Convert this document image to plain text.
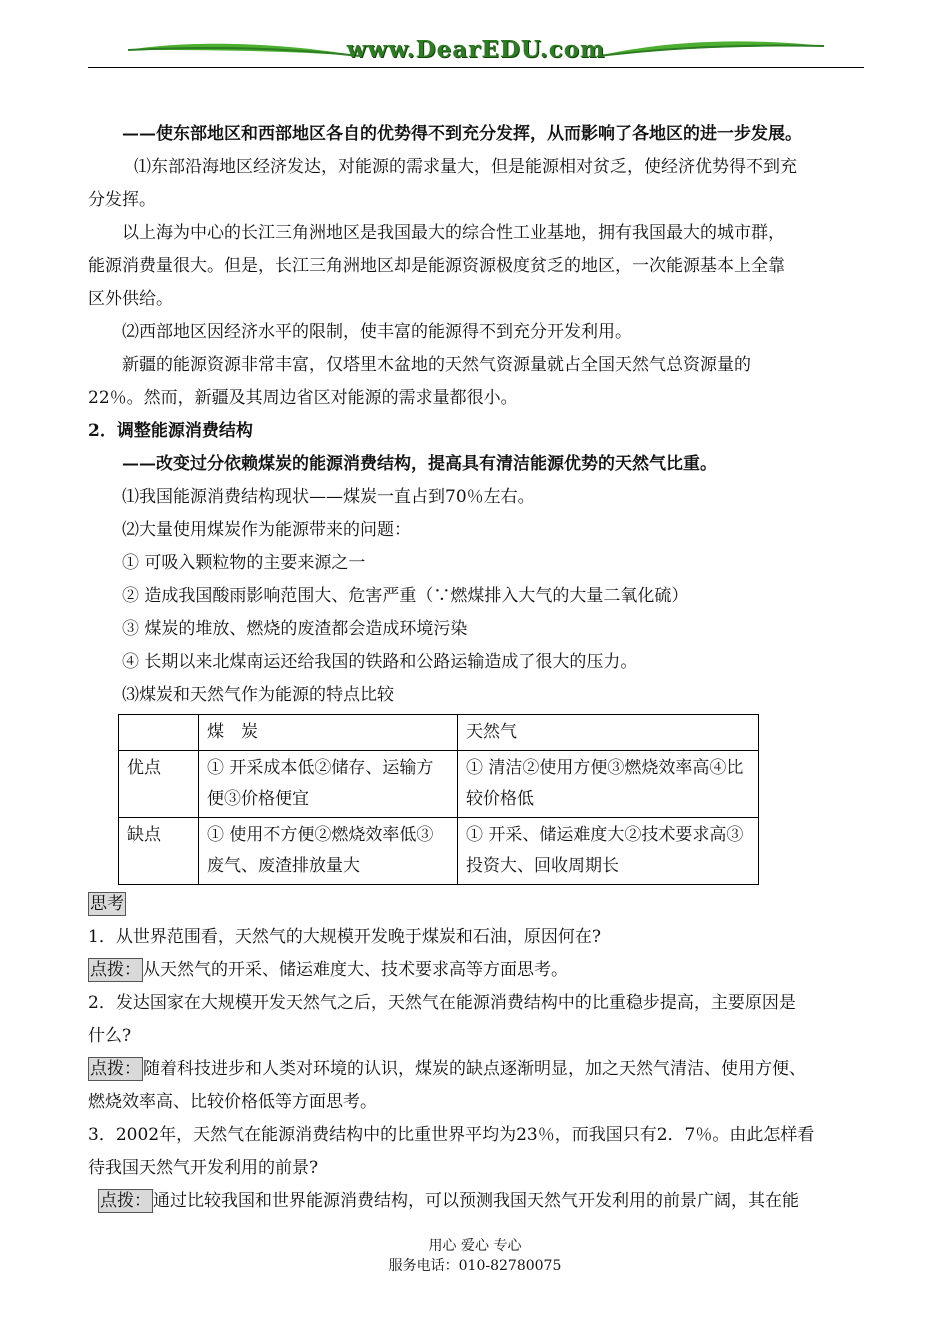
www.DearEDU.com
——使东部地区和西部地区各自的优势得不到充分发挥，从而影响了各地区的进一步发展。
⑴东部沿海地区经济发达，对能源的需求量大，但是能源相对贫乏，使经济优势得不到充
分发挥。
以上海为中心的长江三角洲地区是我国最大的综合性工业基地，拥有我国最大的城市群，
能源消费量很大。但是，长江三角洲地区却是能源资源极度贫乏的地区，一次能源基本上全靠
区外供给。
⑵西部地区因经济水平的限制，使丰富的能源得不到充分开发利用。
新疆的能源资源非常丰富，仅塔里木盆地的天然气资源量就占全国天然气总资源量的
22％。然而，新疆及其周边省区对能源的需求量都很小。
2．调整能源消费结构
——改变过分依赖煤炭的能源消费结构，提高具有清洁能源优势的天然气比重。
⑴我国能源消费结构现状——煤炭一直占到70％左右。
⑵大量使用煤炭作为能源带来的问题：
① 可吸入颗粒物的主要来源之一
② 造成我国酸雨影响范围大、危害严重（∵燃煤排入大气的大量二氧化硫）
③ 煤炭的堆放、燃烧的废渣都会造成环境污染
④ 长期以来北煤南运还给我国的铁路和公路运输造成了很大的压力。
⑶煤炭和天然气作为能源的特点比较
	煤　炭	天然气
优点	① 开采成本低②储存、运输方便③价格便宜	① 清洁②使用方便③燃烧效率高④比较价格低
缺点	① 使用不方便②燃烧效率低③废气、废渣排放量大	① 开采、储运难度大②技术要求高③投资大、回收周期长
思考
1．从世界范围看，天然气的大规模开发晚于煤炭和石油，原因何在?
点拨： 从天然气的开采、储运难度大、技术要求高等方面思考。
2．发达国家在大规模开发天然气之后，天然气在能源消费结构中的比重稳步提高，主要原因是
什么?
点拨： 随着科技进步和人类对环境的认识，煤炭的缺点逐渐明显，加之天然气清洁、使用方便、
燃烧效率高、比较价格低等方面思考。
3．2002年，天然气在能源消费结构中的比重世界平均为23％，而我国只有2．7％。由此怎样看
待我国天然气开发利用的前景?
点拨： 通过比较我国和世界能源消费结构，可以预测我国天然气开发利用的前景广阔，其在能
用心 爱心 专心
服务电话：010-82780075
